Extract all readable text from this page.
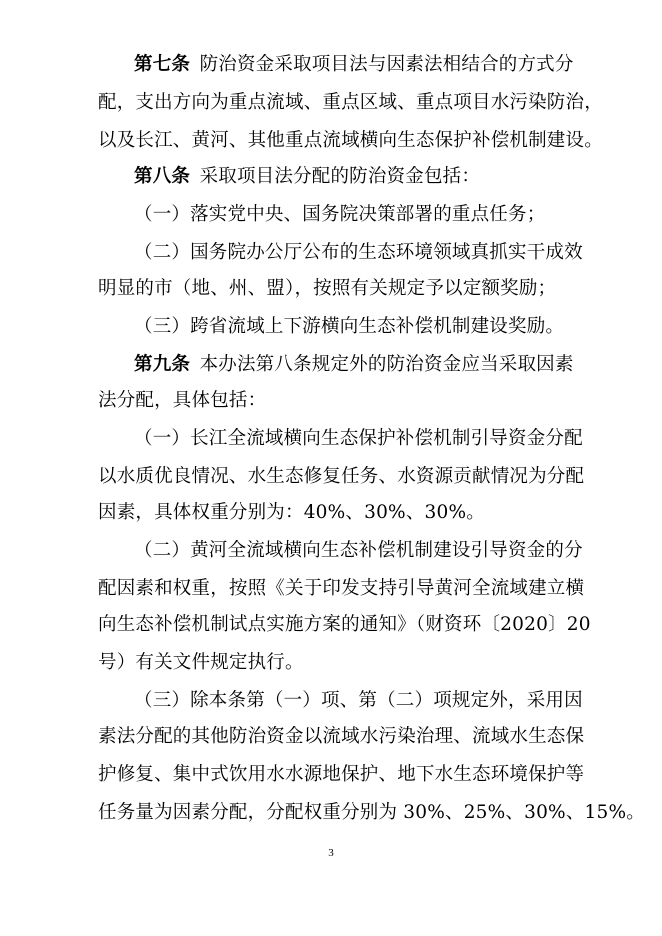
第七条  防治资金采取项目法与因素法相结合的方式分
配，支出方向为重点流域、重点区域、重点项目水污染防治，
以及长江、黄河、其他重点流域横向生态保护补偿机制建设。
第八条  采取项目法分配的防治资金包括：
（一）落实党中央、国务院决策部署的重点任务；
（二）国务院办公厅公布的生态环境领域真抓实干成效
明显的市（地、州、盟），按照有关规定予以定额奖励；
（三）跨省流域上下游横向生态补偿机制建设奖励。
第九条  本办法第八条规定外的防治资金应当采取因素
法分配，具体包括：
（一）长江全流域横向生态保护补偿机制引导资金分配
以水质优良情况、水生态修复任务、水资源贡献情况为分配
因素，具体权重分别为：40%、30%、30%。
（二）黄河全流域横向生态补偿机制建设引导资金的分
配因素和权重，按照《关于印发支持引导黄河全流域建立横
向生态补偿机制试点实施方案的通知》（财资环〔2020〕20
号）有关文件规定执行。
（三）除本条第（一）项、第（二）项规定外，采用因
素法分配的其他防治资金以流域水污染治理、流域水生态保
护修复、集中式饮用水水源地保护、地下水生态环境保护等
任务量为因素分配，分配权重分别为 30%、25%、30%、15%。
3
